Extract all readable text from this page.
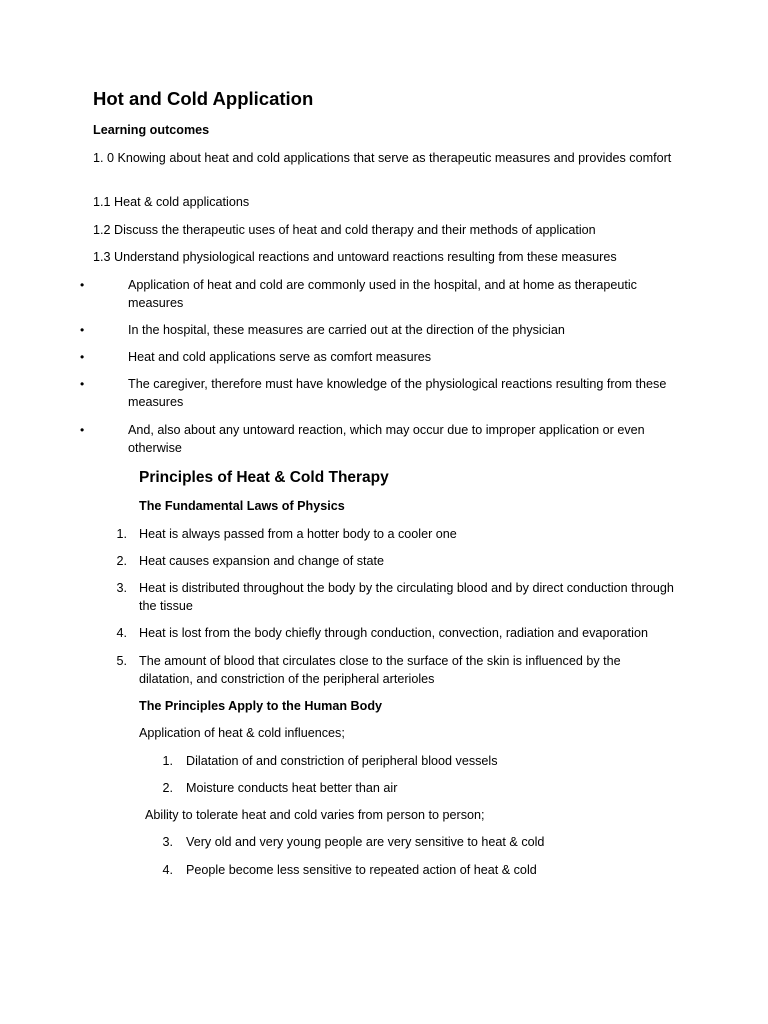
Hot and Cold Application

Learning outcomes

1. 0 Knowing about heat and cold applications that serve as therapeutic measures and provides comfort

1.1 Heat & cold applications

1.2 Discuss the therapeutic uses of heat and cold therapy and their methods of application

1.3 Understand physiological reactions and untoward reactions resulting from these measures

•	Application of heat and cold are commonly used in the hospital, and at home as therapeutic measures

•	In the hospital, these measures are carried out at the direction of the physician

•	Heat and cold applications serve as comfort measures

•	The caregiver, therefore must have knowledge of the physiological reactions resulting from these measures

•	And, also about any untoward reaction, which may occur due to improper application or even otherwise

Principles of Heat & Cold Therapy

The Fundamental Laws of Physics

1. Heat is always passed from a hotter body to a cooler one

2. Heat causes expansion and change of state

3. Heat is distributed throughout the body by the circulating blood and by direct conduction through the tissue

4. Heat is lost from the body chiefly through conduction, convection, radiation and evaporation

5. The amount of blood that circulates close to the surface of the skin is influenced by the dilatation, and constriction of the peripheral arterioles

The Principles Apply to the Human Body

Application of heat & cold influences;

1. Dilatation of and constriction of peripheral blood vessels

2. Moisture conducts heat better than air

Ability to tolerate heat and cold varies from person to person;

3. Very old and very young people are very sensitive to heat & cold

4. People become less sensitive to repeated action of heat & cold
